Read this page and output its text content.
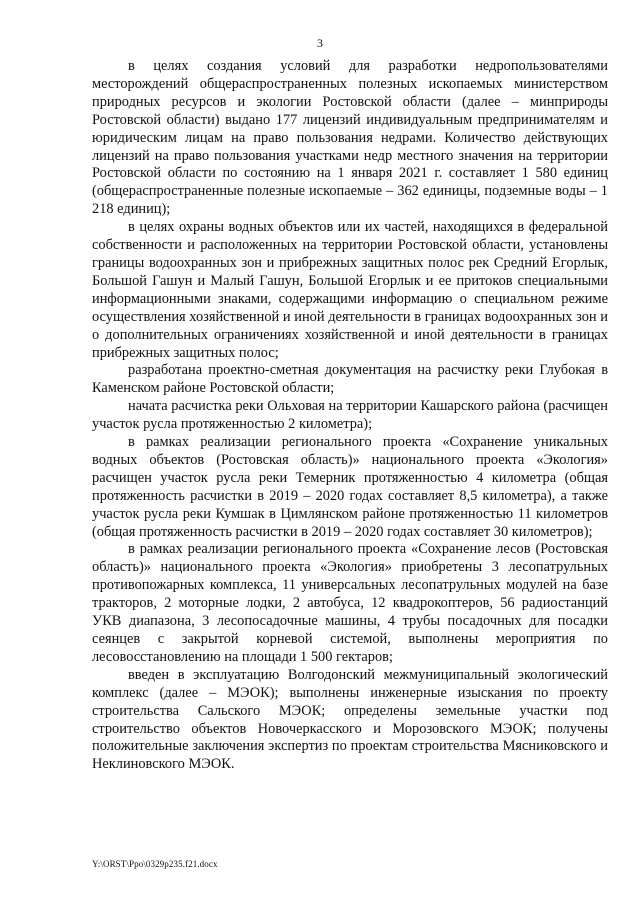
3

в целях создания условий для разработки недропользователями месторождений общераспространенных полезных ископаемых министерством природных ресурсов и экологии Ростовской области (далее – минприроды Ростовской области) выдано 177 лицензий индивидуальным предпринимателям и юридическим лицам на право пользования недрами. Количество действующих лицензий на право пользования участками недр местного значения на территории Ростовской области по состоянию на 1 января 2021 г. составляет 1 580 единиц (общераспространенные полезные ископаемые – 362 единицы, подземные воды – 1 218 единиц);

в целях охраны водных объектов или их частей, находящихся в федеральной собственности и расположенных на территории Ростовской области, установлены границы водоохранных зон и прибрежных защитных полос рек Средний Егорлык, Большой Гашун и Малый Гашун, Большой Егорлык и ее притоков специальными информационными знаками, содержащими информацию о специальном режиме осуществления хозяйственной и иной деятельности в границах водоохранных зон и о дополнительных ограничениях хозяйственной и иной деятельности в границах прибрежных защитных полос;

разработана проектно-сметная документация на расчистку реки Глубокая в Каменском районе Ростовской области;

начата расчистка реки Ольховая на территории Кашарского района (расчищен участок русла протяженностью 2 километра);

в рамках реализации регионального проекта «Сохранение уникальных водных объектов (Ростовская область)» национального проекта «Экология» расчищен участок русла реки Темерник протяженностью 4 километра (общая протяженность расчистки в 2019 – 2020 годах составляет 8,5 километра), а также участок русла реки Кумшак в Цимлянском районе протяженностью 11 километров (общая протяженность расчистки в 2019 – 2020 годах составляет 30 километров);

в рамках реализации регионального проекта «Сохранение лесов (Ростовская область)» национального проекта «Экология» приобретены 3 лесопатрульных противопожарных комплекса, 11 универсальных лесопатрульных модулей на базе тракторов, 2 моторные лодки, 2 автобуса, 12 квадрокоптеров, 56 радиостанций УКВ диапазона, 3 лесопосадочные машины, 4 трубы посадочных для посадки сеянцев с закрытой корневой системой, выполнены мероприятия по лесовосстановлению на площади 1 500 гектаров;

введен в эксплуатацию Волгодонский межмуниципальный экологический комплекс (далее – МЭОК); выполнены инженерные изыскания по проекту строительства Сальского МЭОК; определены земельные участки под строительство объектов Новочеркасского и Морозовского МЭОК; получены положительные заключения экспертиз по проектам строительства Мясниковского и Неклиновского МЭОК.

Y:\ORST\Ppo\0329p235.f21.docx
